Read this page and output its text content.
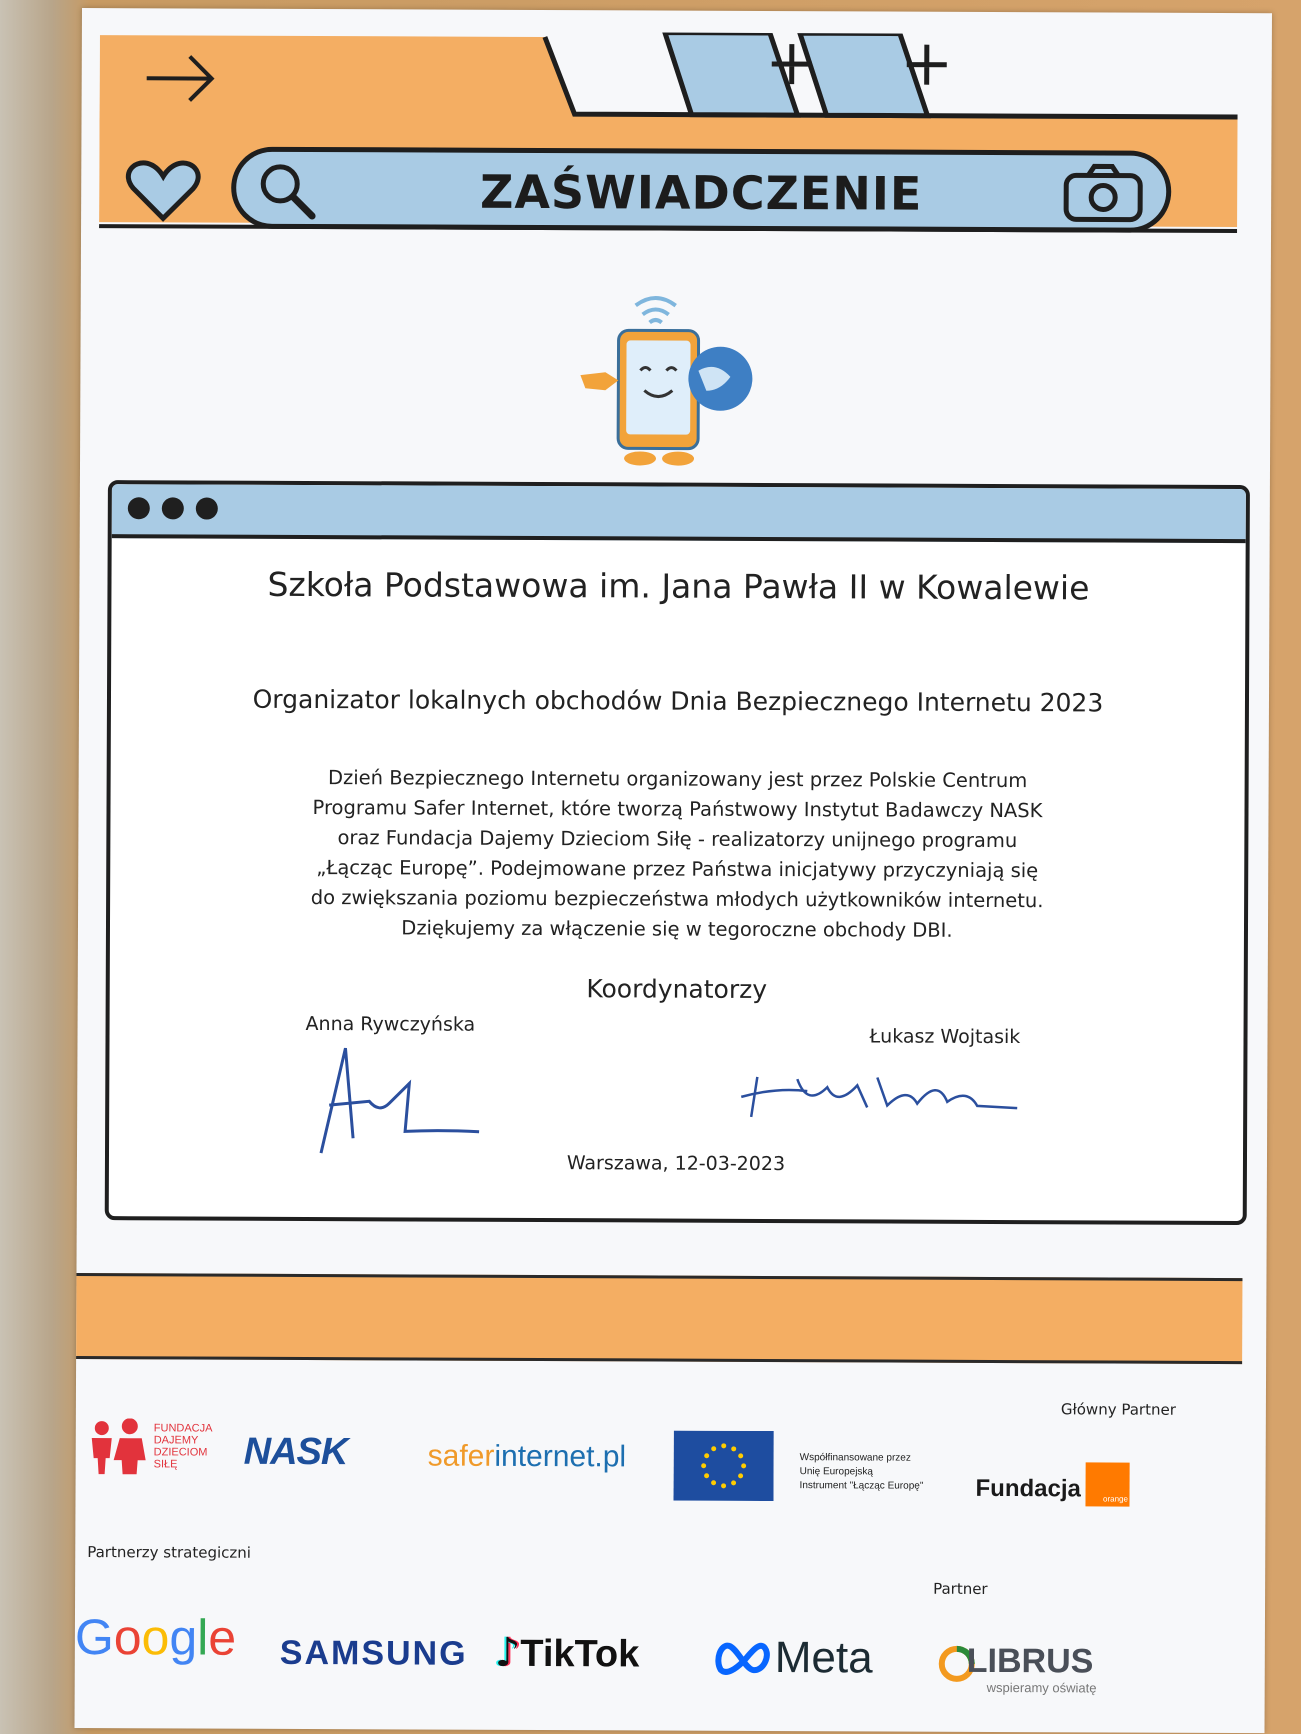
ZAŚWIADCZENIE
Szkoła Podstawowa im. Jana Pawła II w Kowalewie
Organizator lokalnych obchodów Dnia Bezpiecznego Internetu 2023
Dzień Bezpiecznego Internetu organizowany jest przez Polskie Centrum
Programu Safer Internet, które tworzą Państwowy Instytut Badawczy NASK
oraz Fundacja Dajemy Dzieciom Siłę - realizatorzy unijnego programu
„Łącząc Europę”. Podejmowane przez Państwa inicjatywy przyczyniają się
do zwiększania poziomu bezpieczeństwa młodych użytkowników internetu.
Dziękujemy za włączenie się w tegoroczne obchody DBI.
Koordynatorzy
Anna Rywczyńska
Łukasz Wojtasik
Warszawa, 12-03-2023
Główny Partner
FUNDACJA
DAJEMY
DZIECIOM
SIŁĘ	NASK	saferinternet.pl	Współfinansowane przez
Unię Europejską
Instrument "Łącząc Europę" Fundacja	orange
Partnerzy strategiczni
Partner
Google SAMSUNG ♪TikTok	Meta	LIBRUS
wspieramy oświatę
